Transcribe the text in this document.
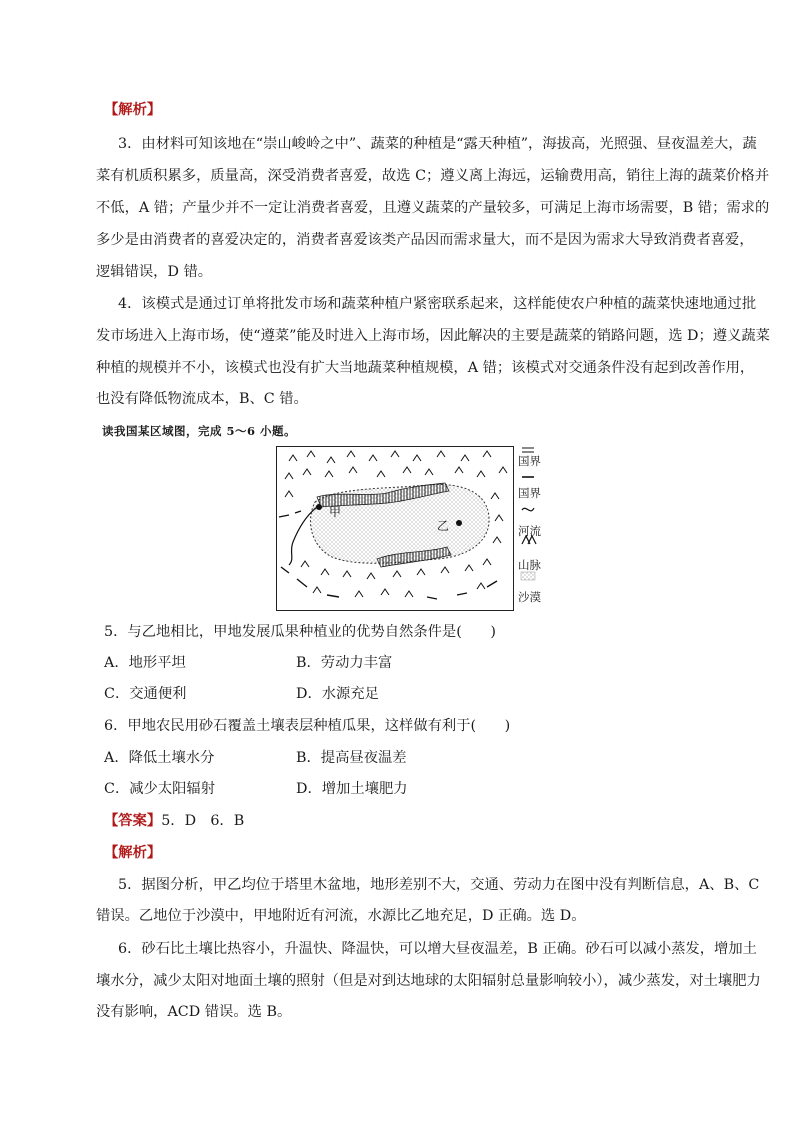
【解析】
3．由材料可知该地在“崇山峻岭之中”、蔬菜的种植是“露天种植”，海拔高，光照强、昼夜温差大，蔬
菜有机质积累多，质量高，深受消费者喜爱，故选 C；遵义离上海远，运输费用高，销往上海的蔬菜价格并
不低，A 错；产量少并不一定让消费者喜爱，且遵义蔬菜的产量较多，可满足上海市场需要，B 错；需求的
多少是由消费者的喜爱决定的，消费者喜爱该类产品因而需求量大，而不是因为需求大导致消费者喜爱，
逻辑错误，D 错。
4．该模式是通过订单将批发市场和蔬菜种植户紧密联系起来，这样能使农户种植的蔬菜快速地通过批
发市场进入上海市场，使“遵菜”能及时进入上海市场，因此解决的主要是蔬菜的销路问题，选 D；遵义蔬菜
种植的规模并不小，该模式也没有扩大当地蔬菜种植规模，A 错；该模式对交通条件没有起到改善作用，
也没有降低物流成本，B、C 错。
读我国某区域图，完成 5～6 小题。
甲
乙
国界
国界
河流
山脉
沙漠
5．与乙地相比，甲地发展瓜果种植业的优势自然条件是(　　)
A．地形平坦	B．劳动力丰富
C．交通便利	D．水源充足
6．甲地农民用砂石覆盖土壤表层种植瓜果，这样做有利于(　　)
A．降低土壤水分	B．提高昼夜温差
C．减少太阳辐射	D．增加土壤肥力
【答案】5．D　6．B
【解析】
5．据图分析，甲乙均位于塔里木盆地，地形差别不大，交通、劳动力在图中没有判断信息，A、B、C
错误。乙地位于沙漠中，甲地附近有河流，水源比乙地充足，D 正确。选 D。
6．砂石比土壤比热容小，升温快、降温快，可以增大昼夜温差，B 正确。砂石可以减小蒸发，增加土
壤水分，减少太阳对地面土壤的照射（但是对到达地球的太阳辐射总量影响较小），减少蒸发，对土壤肥力
没有影响，ACD 错误。选 B。
